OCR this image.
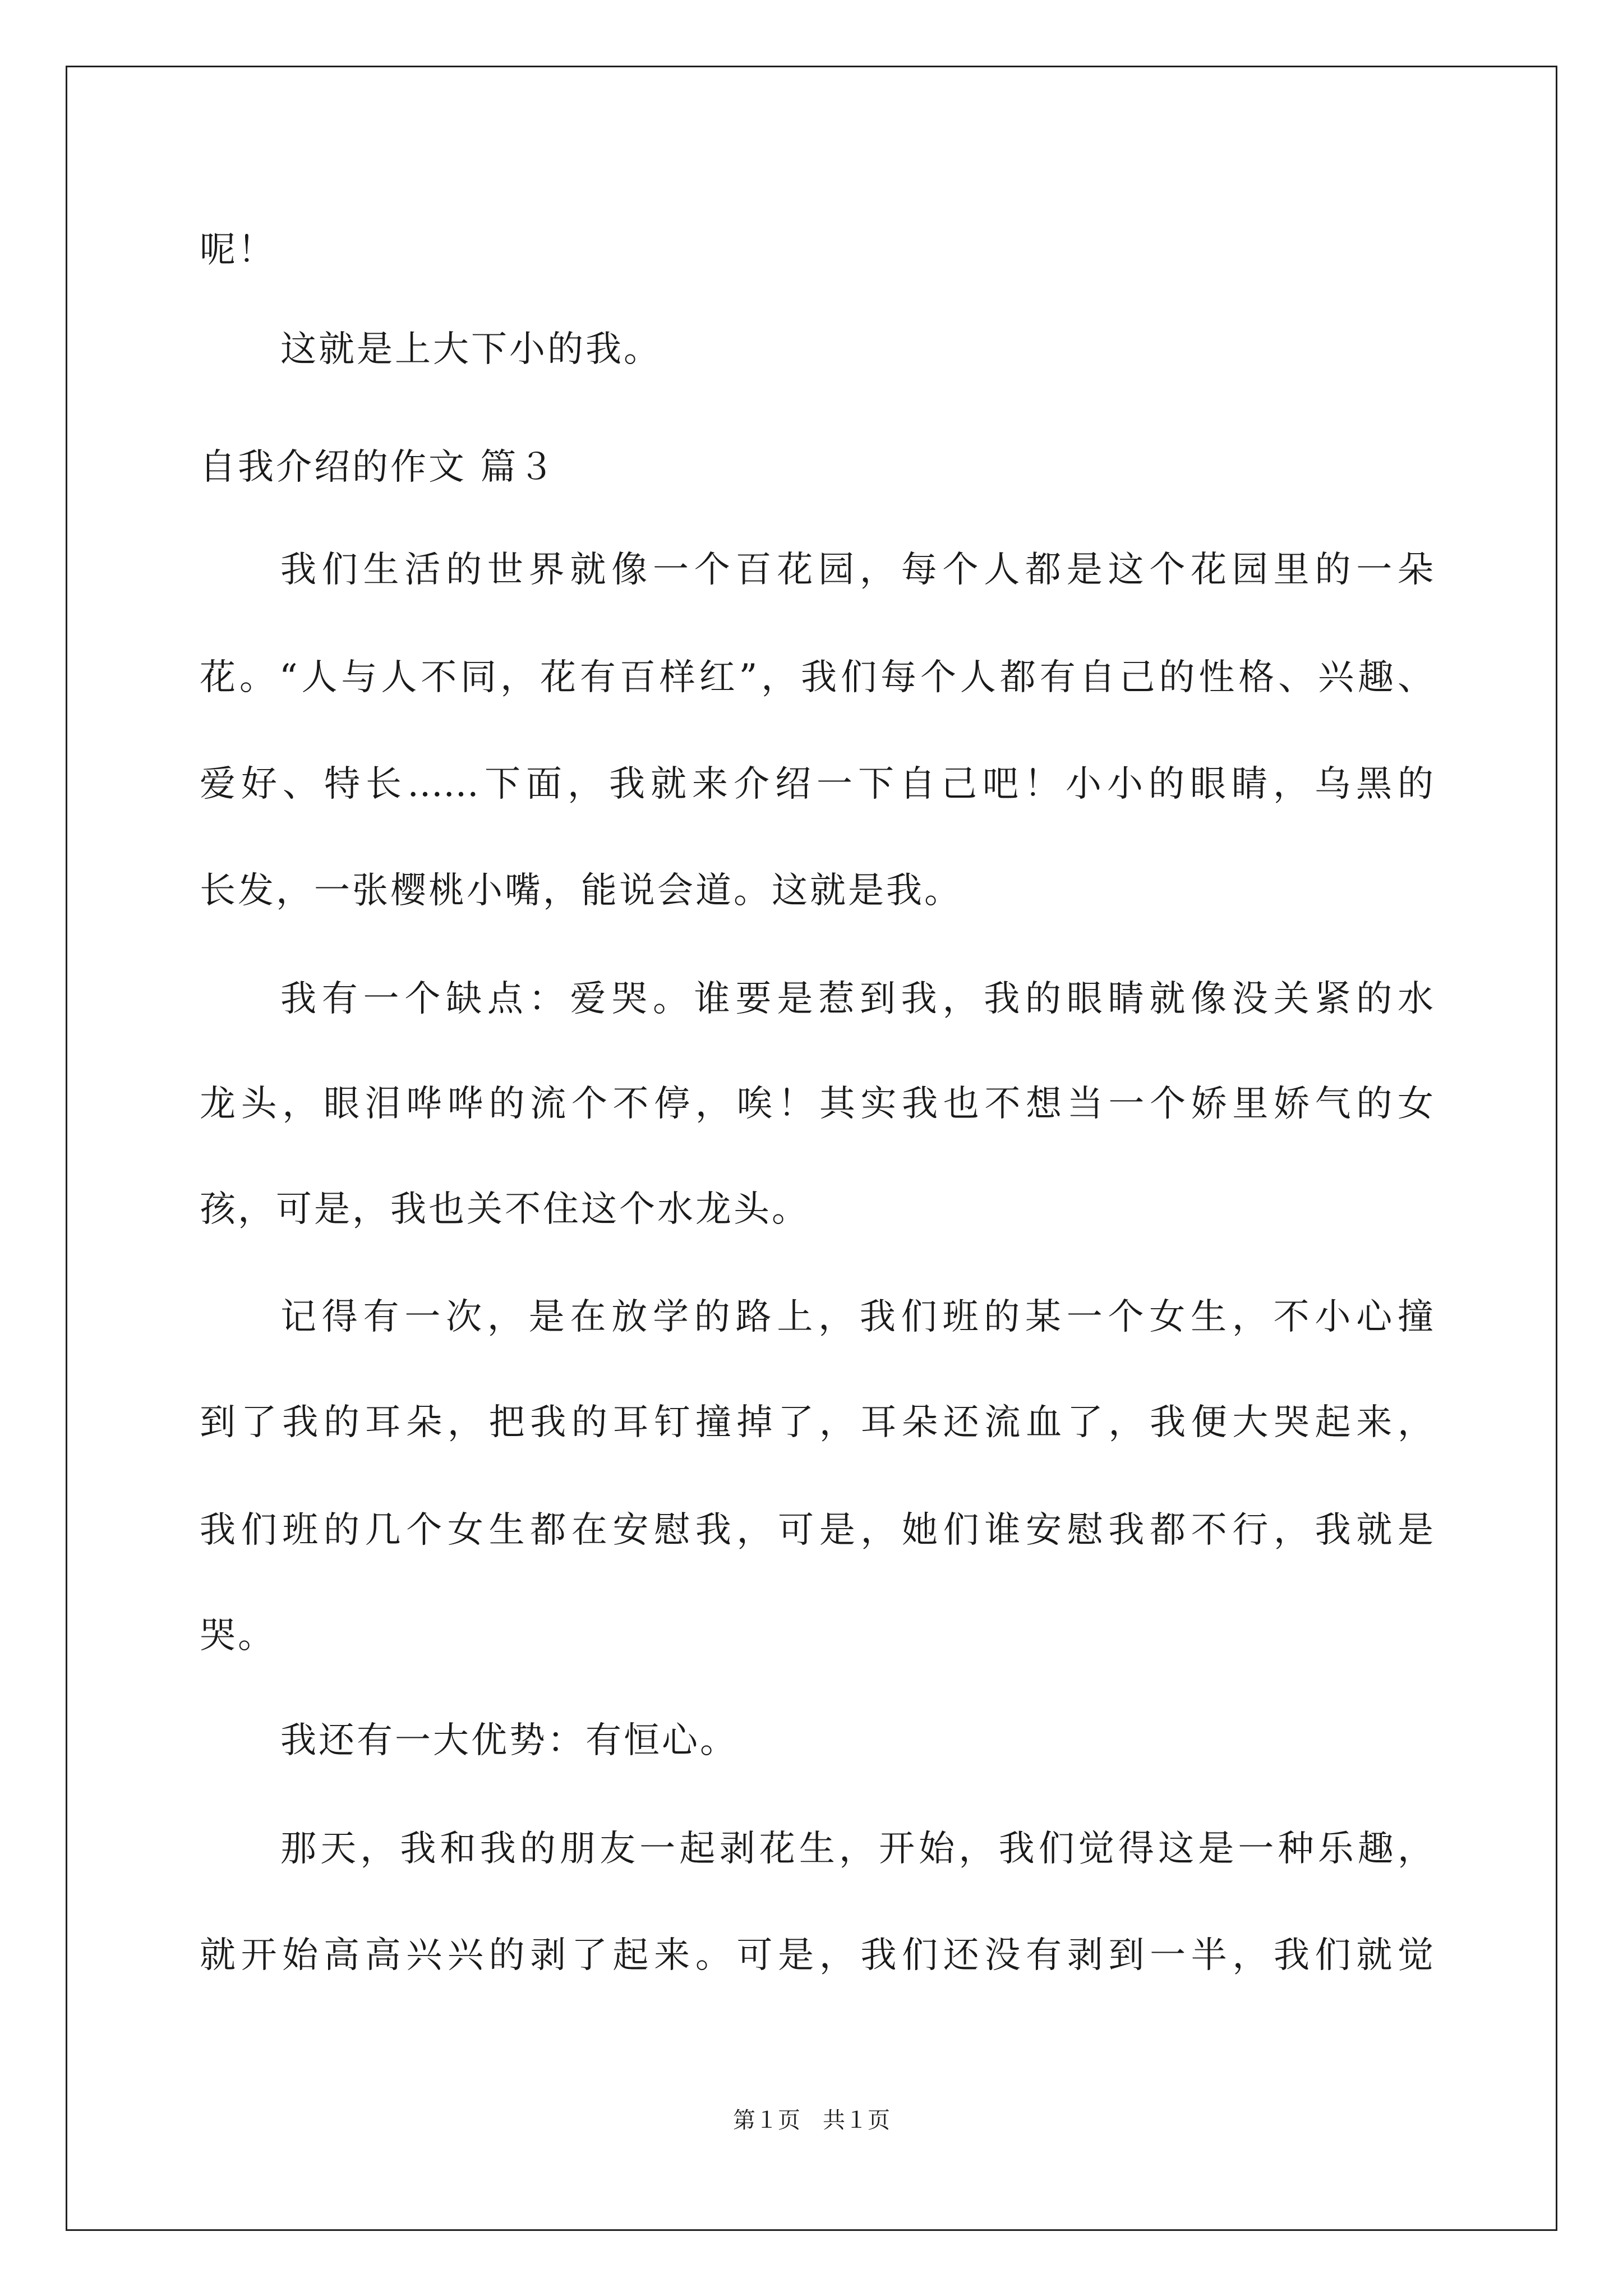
呢！
这就是上大下小的我。
自我介绍的作文 篇３
我们生活的世界就像一个百花园，每个人都是这个花园里的一朵
花。“人与人不同，花有百样红”，我们每个人都有自己的性格、兴趣、
爱好、特长……下面，我就来介绍一下自己吧！小小的眼睛，乌黑的
长发，一张樱桃小嘴，能说会道。这就是我。
我有一个缺点：爱哭。谁要是惹到我，我的眼睛就像没关紧的水
龙头，眼泪哗哗的流个不停，唉！其实我也不想当一个娇里娇气的女
孩，可是，我也关不住这个水龙头。
记得有一次，是在放学的路上，我们班的某一个女生，不小心撞
到了我的耳朵，把我的耳钉撞掉了，耳朵还流血了，我便大哭起来，
我们班的几个女生都在安慰我，可是，她们谁安慰我都不行，我就是
哭。
我还有一大优势：有恒心。
那天，我和我的朋友一起剥花生，开始，我们觉得这是一种乐趣，
就开始高高兴兴的剥了起来。可是，我们还没有剥到一半，我们就觉
第１页　共１页
